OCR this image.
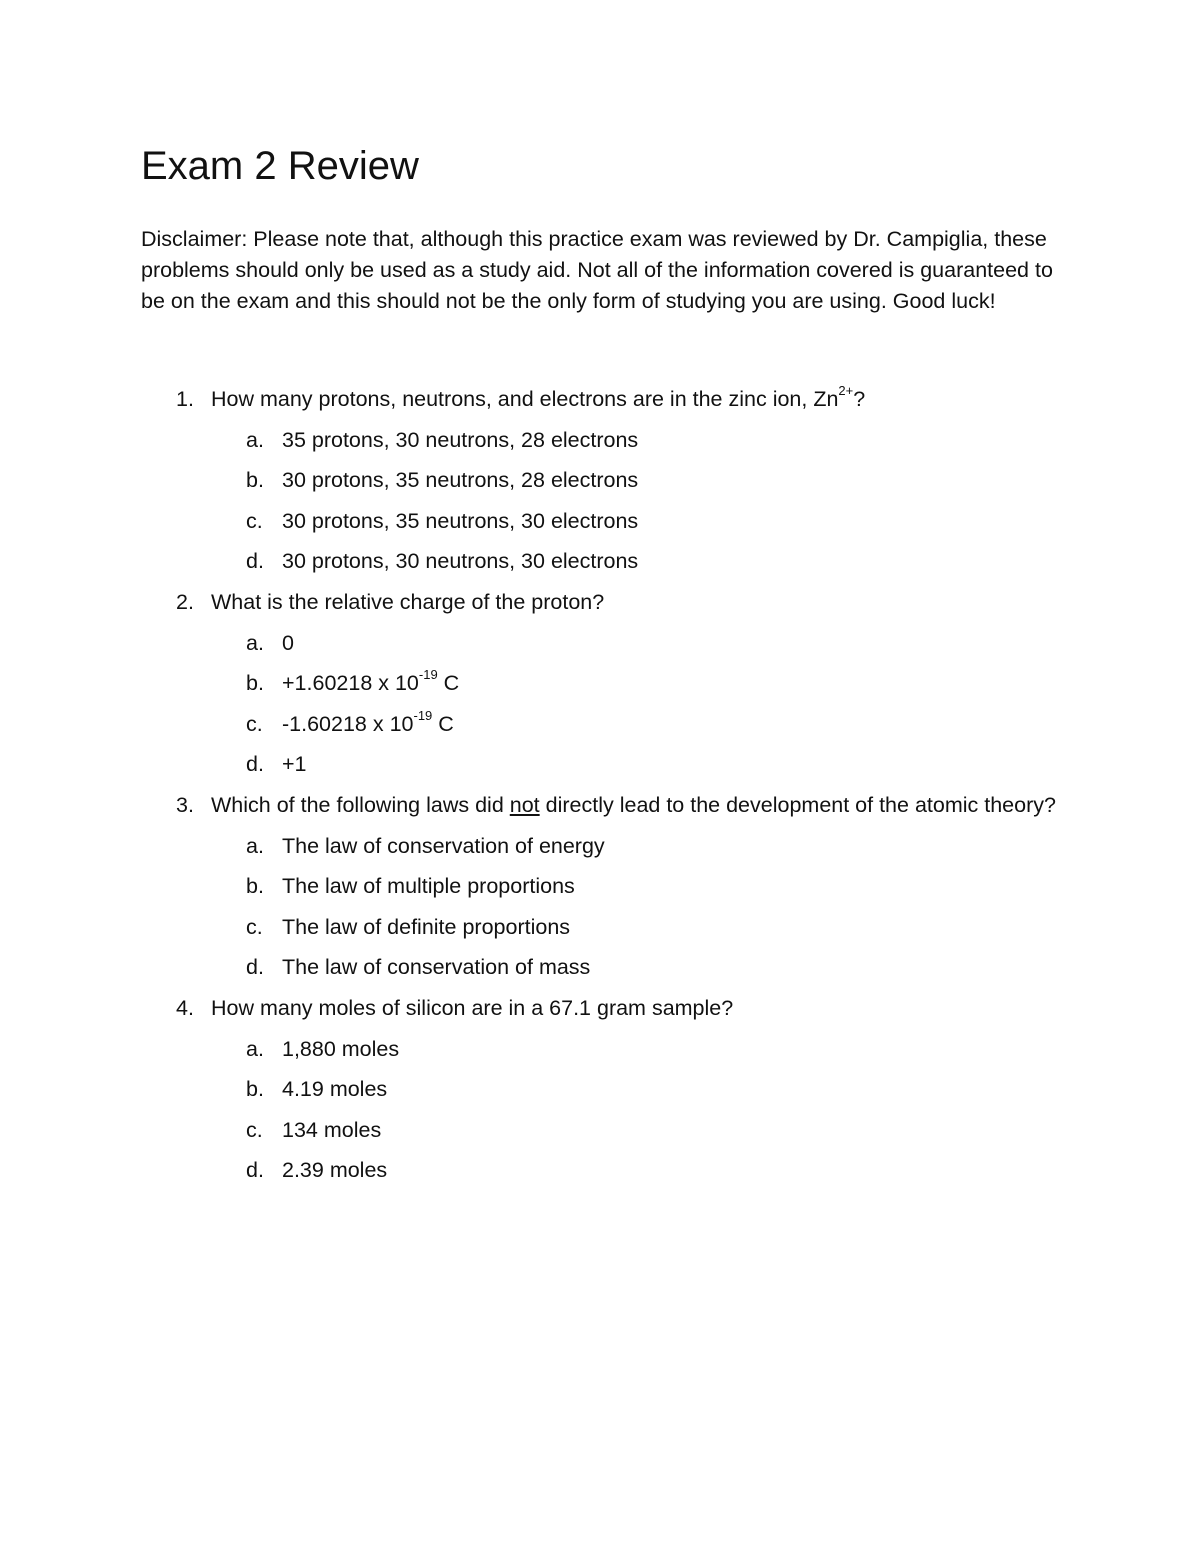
Exam 2 Review

Disclaimer: Please note that, although this practice exam was reviewed by Dr. Campiglia, these problems should only be used as a study aid. Not all of the information covered is guaranteed to be on the exam and this should not be the only form of studying you are using. Good luck!

1. How many protons, neutrons, and electrons are in the zinc ion, $Zn^{2+}$?
a. 35 protons, 30 neutrons, 28 electrons
b. 30 protons, 35 neutrons, 28 electrons
c. 30 protons, 35 neutrons, 30 electrons
d. 30 protons, 30 neutrons, 30 electrons
2. What is the relative charge of the proton?
a. 0
b. +1.60218 x $10^{-19}$ C
c. -1.60218 x $10^{-19}$ C
d. +1
3. Which of the following laws did not directly lead to the development of the atomic theory?
a. The law of conservation of energy
b. The law of multiple proportions
c. The law of definite proportions
d. The law of conservation of mass
4. How many moles of silicon are in a 67.1 gram sample?
a. 1,880 moles
b. 4.19 moles
c. 134 moles
d. 2.39 moles
